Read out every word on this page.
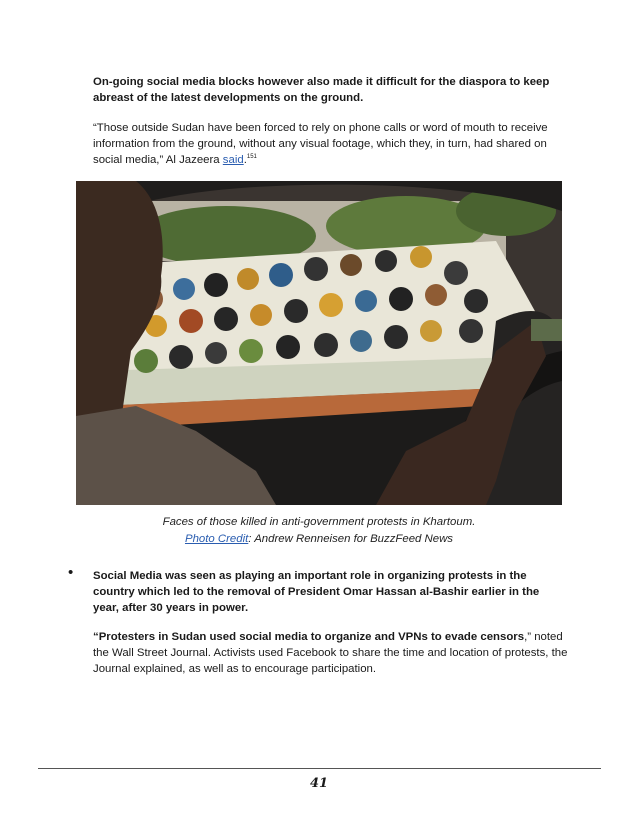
On-going social media blocks however also made it difficult for the diaspora to keep abreast of the latest developments on the ground.
“Those outside Sudan have been forced to rely on phone calls or word of mouth to receive information from the ground, without any visual footage, which they, in turn, had shared on social media,” Al Jazeera said.$^{151}$
Faces of those killed in anti-government protests in Khartoum.
Photo Credit: Andrew Renneisen for BuzzFeed News
• Social Media was seen as playing an important role in organizing protests in the country which led to the removal of President Omar Hassan al-Bashir earlier in the year, after 30 years in power.
“Protesters in Sudan used social media to organize and VPNs to evade censors,” noted the Wall Street Journal. Activists used Facebook to share the time and location of protests, the Journal explained, as well as to encourage participation.
41
